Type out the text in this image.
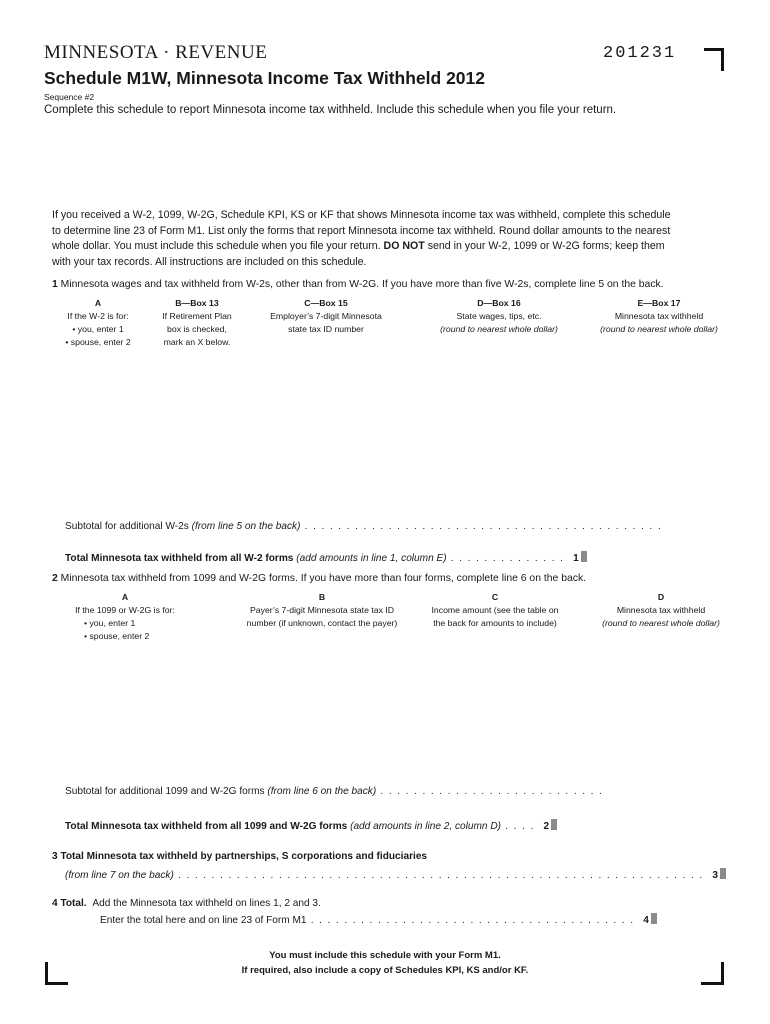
MINNESOTA · REVENUE	201231
Schedule M1W, Minnesota Income Tax Withheld 2012
Sequence #2
Complete this schedule to report Minnesota income tax withheld. Include this schedule when you file your return.
If you received a W-2, 1099, W-2G, Schedule KPI, KS or KF that shows Minnesota income tax was withheld, complete this schedule to determine line 23 of Form M1. List only the forms that report Minnesota income tax withheld. Round dollar amounts to the nearest whole dollar. You must include this schedule when you file your return. DO NOT send in your W-2, 1099 or W-2G forms; keep them with your tax records. All instructions are included on this schedule.
1 Minnesota wages and tax withheld from W-2s, other than from W-2G. If you have more than five W-2s, complete line 5 on the back.
A
If the W-2 is for:
• you, enter 1
• spouse, enter 2
B—Box 13
If Retirement Plan
box is checked,
mark an X below.
C—Box 15
Employer’s 7-digit Minnesota
state tax ID number
D—Box 16
State wages, tips, etc.
(round to nearest whole dollar)
E—Box 17
Minnesota tax withheld
(round to nearest whole dollar)
Subtotal for additional W-2s (from line 5 on the back) . . . . . . . . . . . . . . . . . . . . . . . . . . . . . . . . . . . . . . . . . . .
Total Minnesota tax withheld from all W-2 forms (add amounts in line 1, column E) . . . . . . . . . . . . . . 1
2 Minnesota tax withheld from 1099 and W-2G forms. If you have more than four forms, complete line 6 on the back.
A
If the 1099 or W-2G is for:
• you, enter 1
• spouse, enter 2
B
Payer’s 7-digit Minnesota state tax ID
number (if unknown, contact the payer)
C
Income amount (see the table on
the back for amounts to include)
D
Minnesota tax withheld
(round to nearest whole dollar)
Subtotal for additional 1099 and W-2G forms (from line 6 on the back) . . . . . . . . . . . . . . . . . . . . . . . . . . .
Total Minnesota tax withheld from all 1099 and W-2G forms (add amounts in line 2, column D) . . . . 2
3 Total Minnesota tax withheld by partnerships, S corporations and fiduciaries
(from line 7 on the back) . . . . . . . . . . . . . . . . . . . . . . . . . . . . . . . . . . . . . . . . . . . . . . . . . . . . . . . . . . . . . . . 3
4 Total. Add the Minnesota tax withheld on lines 1, 2 and 3.
Enter the total here and on line 23 of Form M1 . . . . . . . . . . . . . . . . . . . . . . . . . . . . . . . . . . . . . . . 4
You must include this schedule with your Form M1.
If required, also include a copy of Schedules KPI, KS and/or KF.
